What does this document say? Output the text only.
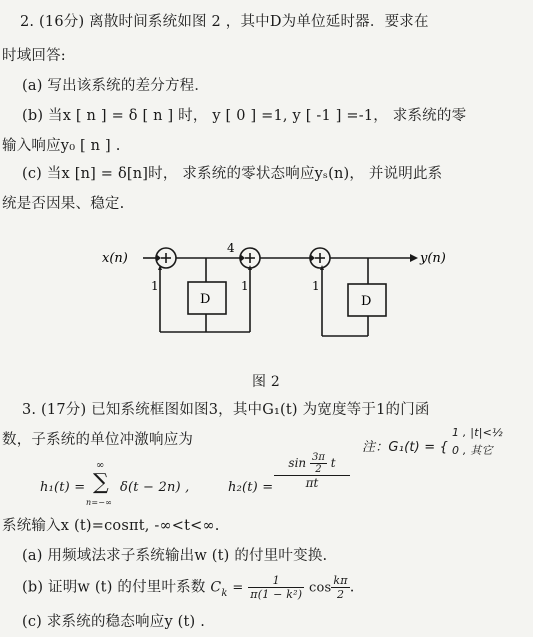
2. (16分) 离散时间系统如图 2 ，其中D为单位延时器．要求在
时域回答:
(a) 写出该系统的差分方程．
(b) 当x [ n ] = δ [ n ] 时， y [ 0 ] =1, y [ -1 ] =-1， 求系统的零
输入响应y₀ [ n ] .
(c) 当x [n] = δ[n]时， 求系统的零状态响应yₛ(n)， 并说明此系
统是否因果、稳定.
x(n)	y(n)
D	D
1
4
1	1
图 2
3. (17分) 已知系统框图如图3，其中G₁(t) 为宽度等于1的门函
数，子系统的单位冲激响应为	注：G₁(t) = {
1 , |t|<½
0 , 其它
h₁(t) =
∞
∑
n=−∞
δ(t − 2n) ,	h₂(t) =
$\sin \frac{3\pi}{2}$ t
πt
系统输入x (t)=cosπt, -∞<t<∞.
(a) 用频域法求子系统输出w (t) 的付里叶变换.
(b) 证明w (t) 的付里叶系数 $C_k = \frac{1}{\text{π(1 − k²)}}$ $\cos \frac{k\pi}{2}$ .
(c) 求系统的稳态响应y (t) .
